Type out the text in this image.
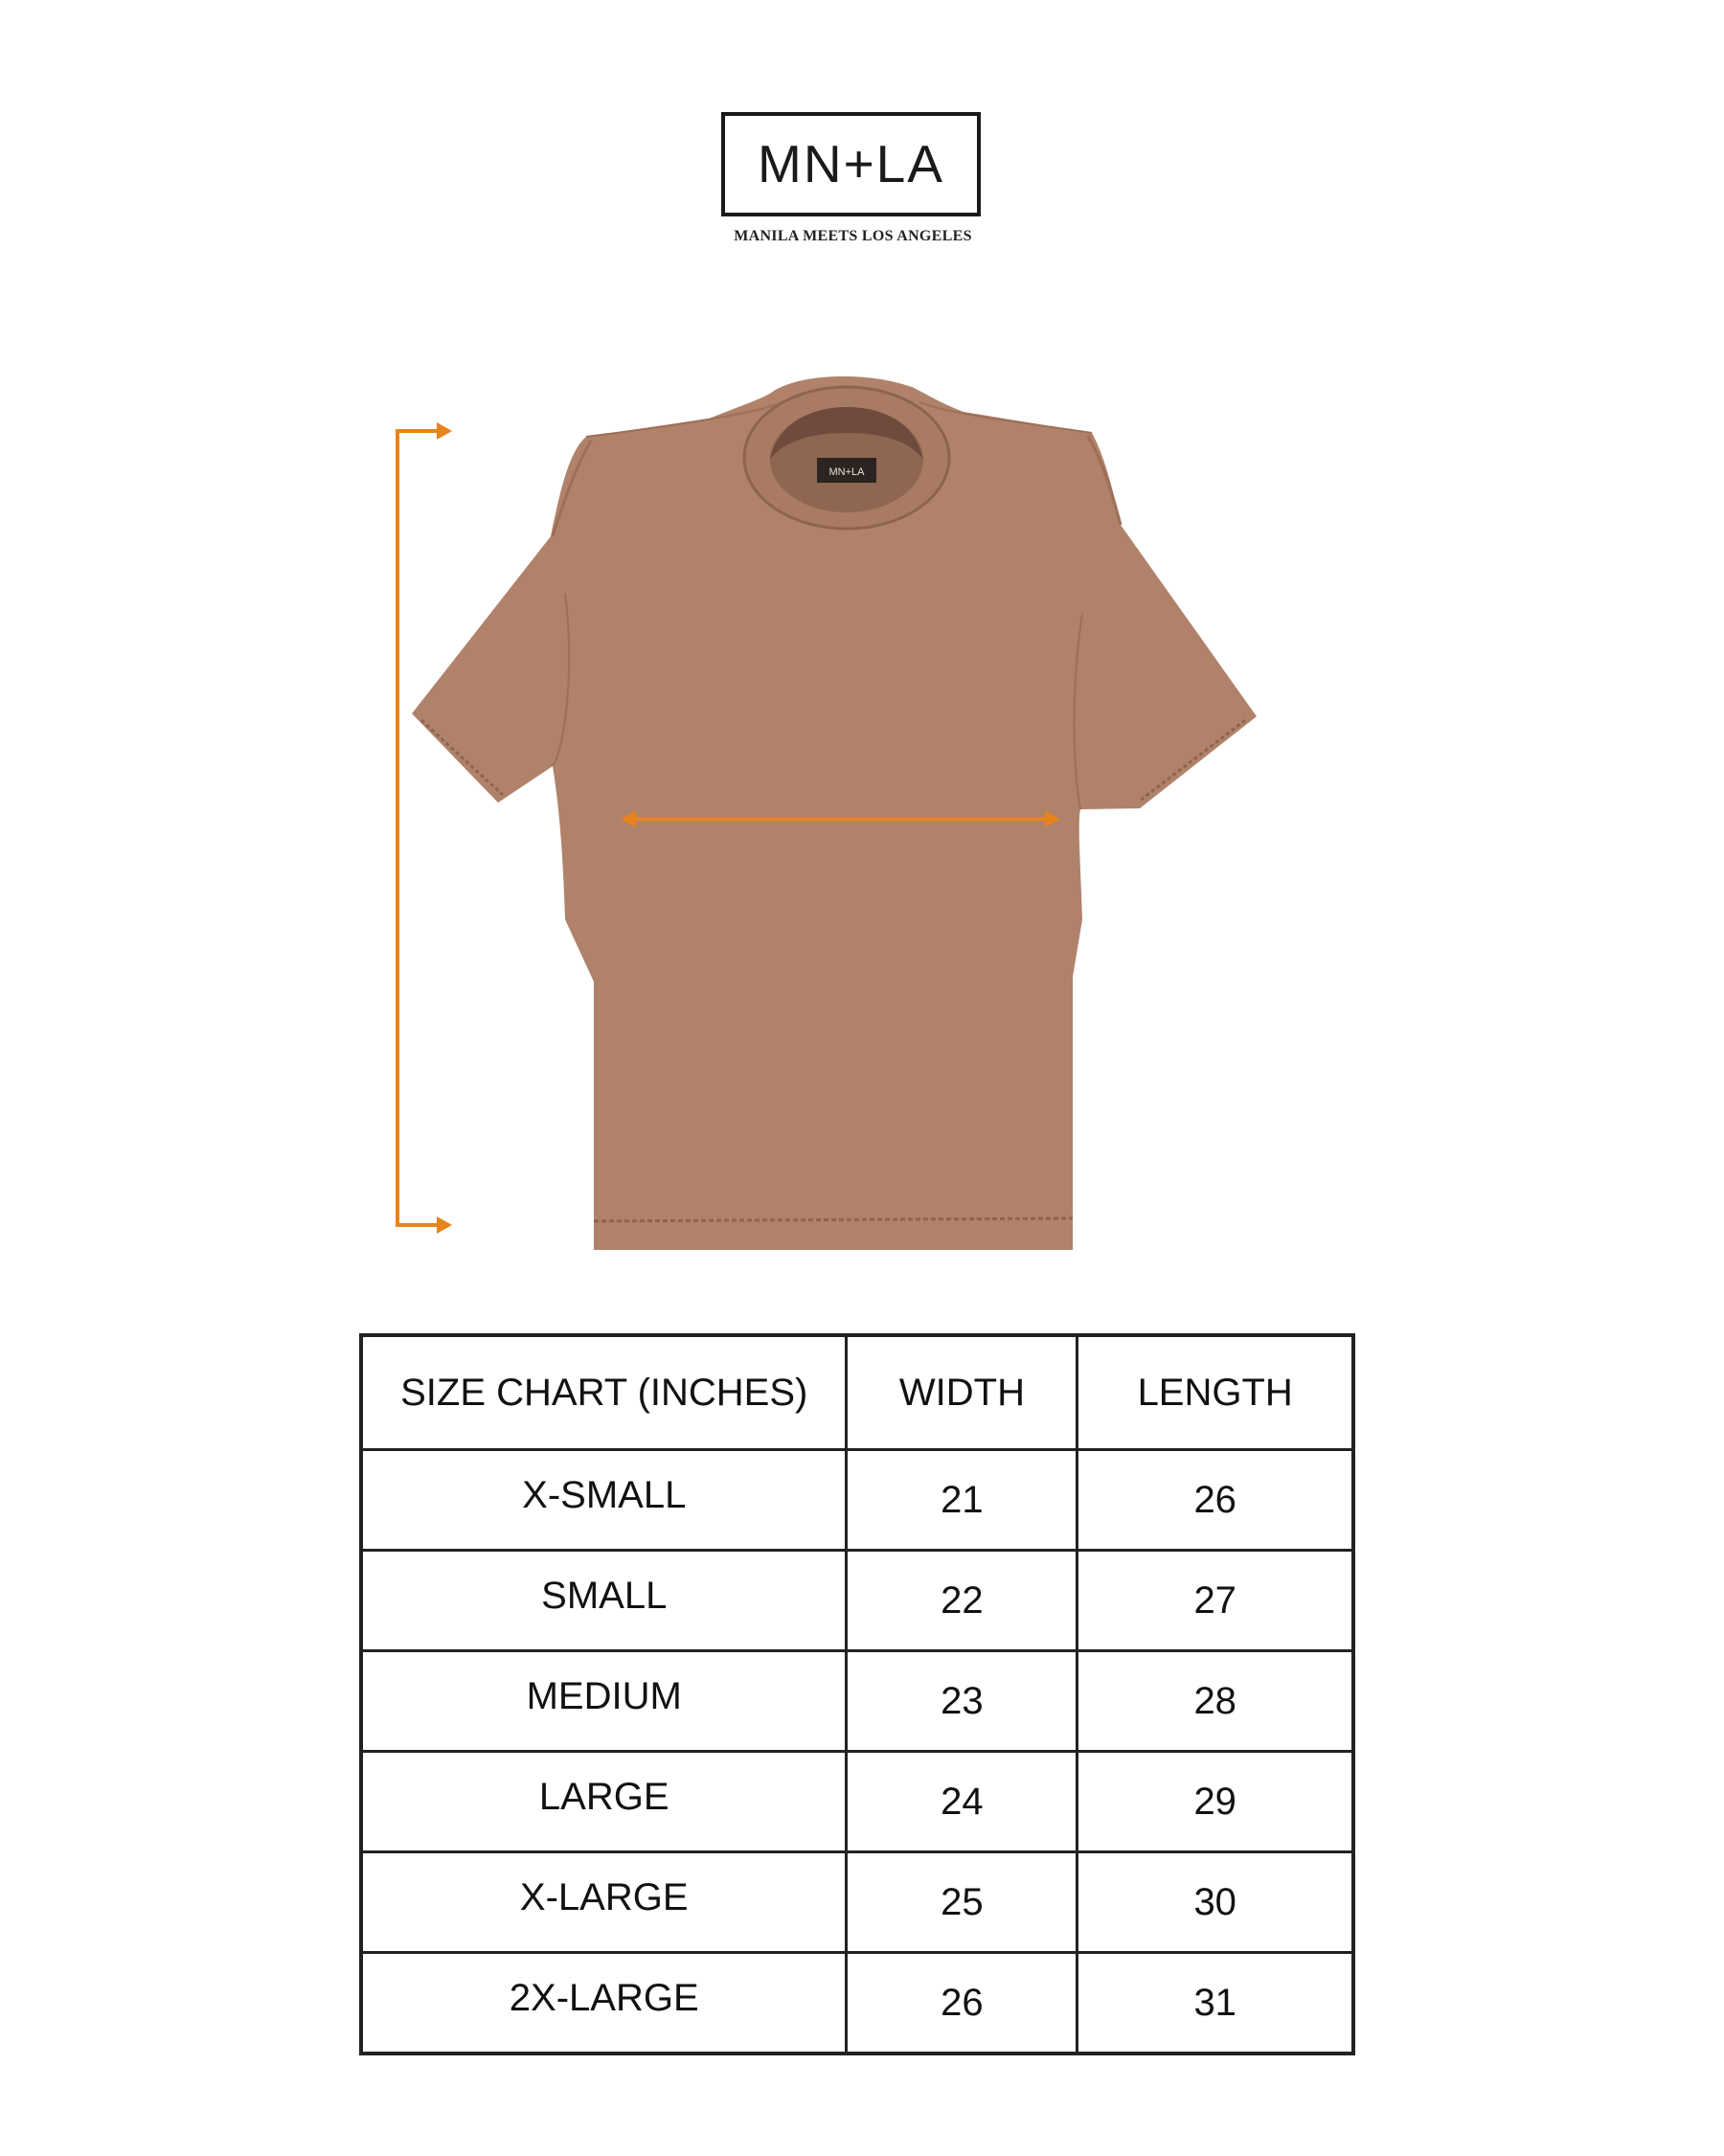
MN+LA
MANILA MEETS LOS ANGELES
MN+LA
SIZE CHART (INCHES)	WIDTH	LENGTH
X-SMALL	21	26
SMALL	22	27
MEDIUM	23	28
LARGE	24	29
X-LARGE	25	30
2X-LARGE	26	31
